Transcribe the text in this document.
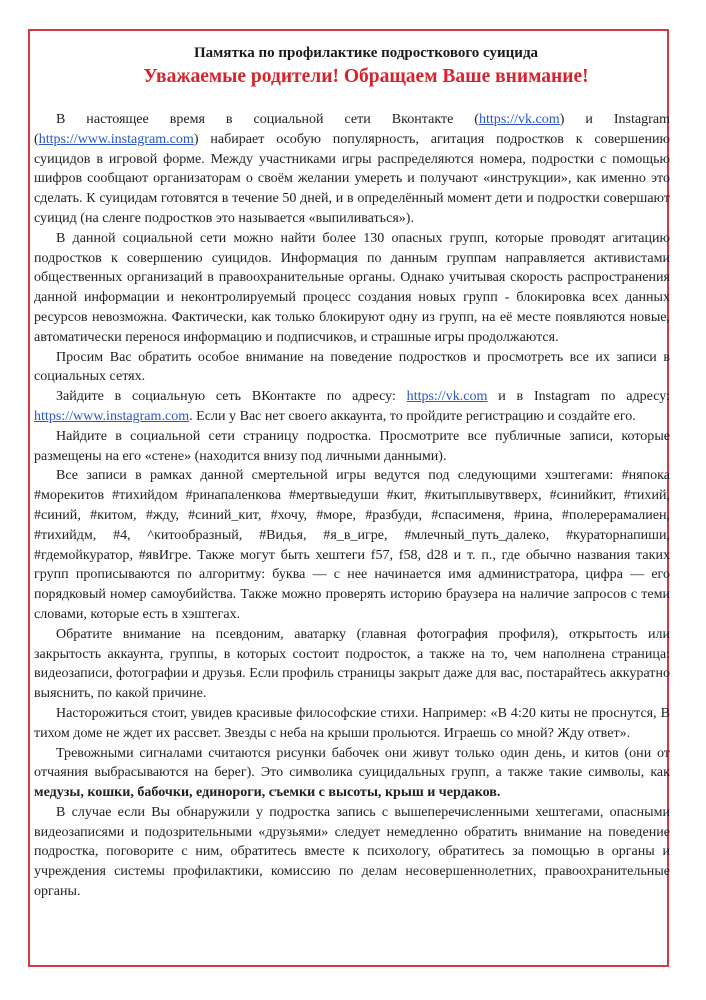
Памятка по профилактике подросткового суицида
Уважаемые родители! Обращаем Ваше внимание!

В настоящее время в социальной сети Вконтакте (https://vk.com) и Instagram (https://www.instagram.com) набирает особую популярность, агитация подростков к совершению суицидов в игровой форме. Между участниками игры распределяются номера, подростки с помощью шифров сообщают организаторам о своём желании умереть и получают «инструкции», как именно это сделать. К суицидам готовятся в течение 50 дней, и в определённый момент дети и подростки совершают суицид (на сленге подростков это называется «выпиливаться»).

В данной социальной сети можно найти более 130 опасных групп, которые проводят агитацию подростков к совершению суицидов. Информация по данным группам направляется активистами общественных организаций в правоохранительные органы. Однако учитывая скорость распространения данной информации и неконтролируемый процесс создания новых групп - блокировка всех данных ресурсов невозможна. Фактически, как только блокируют одну из групп, на её месте появляются новые, автоматически перенося информацию и подписчиков, и страшные игры продолжаются.

Просим Вас обратить особое внимание на поведение подростков и просмотреть все их записи в социальных сетях.

Зайдите в социальную сеть ВКонтакте по адресу: https://vk.com и в Instagram по адресу: https://www.instagram.com. Если у Вас нет своего аккаунта, то пройдите регистрацию и создайте его.

Найдите в социальной сети страницу подростка. Просмотрите все публичные записи, которые размещены на его «стене» (находится внизу под личными данными).

Все записи в рамках данной смертельной игры ведутся под следующими хэштегами: #няпока #морекитов #тихийдом #ринапаленкова #мертвыедуши #кит, #китыплывутвверх, #синийкит, #тихий, #синий, #китом, #жду, #синий_кит, #хочу, #море, #разбуди, #спасименя, #рина, #полерерамалиен, #тихийдм, #4, ^китообразный, #Видья, #я_в_игре, #млечный_путь_далеко, #кураторнапиши, #гдемойкуратор, #явИгре. Также могут быть хештеги f57, f58, d28 и т. п., где обычно названия таких групп прописываются по алгоритму: буква — с нее начинается имя администратора, цифра — его порядковый номер самоубийства. Также можно проверять историю браузера на наличие запросов с теми словами, которые есть в хэштегах.

Обратите внимание на псевдоним, аватарку (главная фотография профиля), открытость или закрытость аккаунта, группы, в которых состоит подросток, а также на то, чем наполнена страница: видеозаписи, фотографии и друзья. Если профиль страницы закрыт даже для вас, постарайтесь аккуратно выяснить, по какой причине.

Насторожиться стоит, увидев красивые философские стихи. Например: «В 4:20 киты не проснутся, В тихом доме не ждет их рассвет. Звезды с неба на крыши прольются. Играешь со мной? Жду ответ».

Тревожными сигналами считаются рисунки бабочек они живут только один день, и китов (они от отчаяния выбрасываются на берег). Это символика суицидальных групп, а также такие символы, как медузы, кошки, бабочки, единороги, съемки с высоты, крыш и чердаков.

В случае если Вы обнаружили у подростка запись с вышеперечисленными хештегами, опасными видеозаписями и подозрительными «друзьями» следует немедленно обратить внимание на поведение подростка, поговорите с ним, обратитесь вместе к психологу, обратитесь за помощью в органы и учреждения системы профилактики, комиссию по делам несовершеннолетних, правоохранительные органы.
